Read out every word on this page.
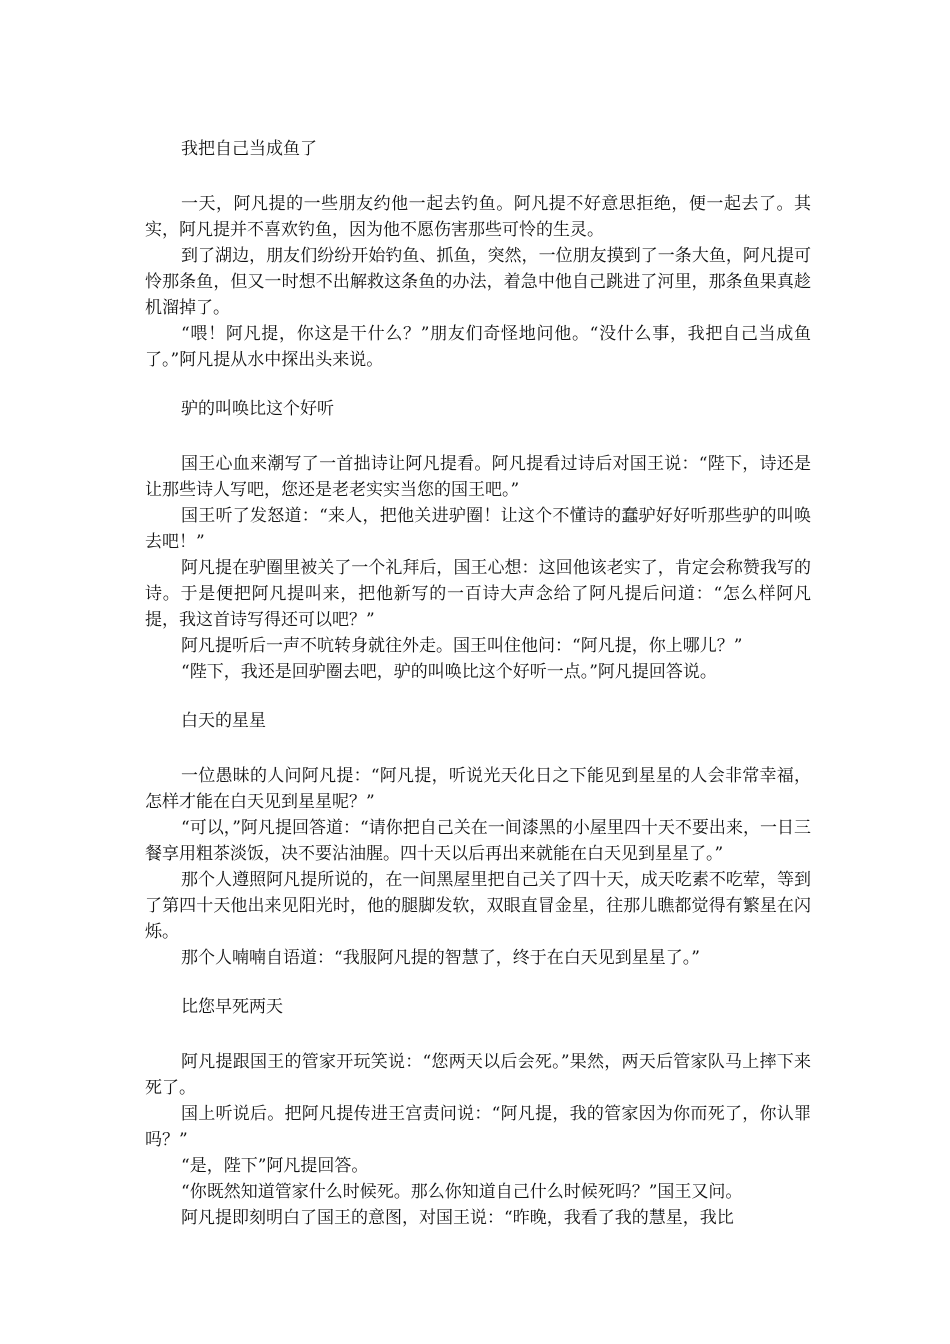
我把自己当成鱼了

一天，阿凡提的一些朋友约他一起去钓鱼。阿凡提不好意思拒绝，便一起去了。其实，阿凡提并不喜欢钓鱼，因为他不愿伤害那些可怜的生灵。

到了湖边，朋友们纷纷开始钓鱼、抓鱼，突然，一位朋友摸到了一条大鱼，阿凡提可怜那条鱼，但又一时想不出解救这条鱼的办法，着急中他自己跳进了河里，那条鱼果真趁机溜掉了。

“喂！阿凡提，你这是干什么？”朋友们奇怪地问他。“没什么事，我把自己当成鱼了。”阿凡提从水中探出头来说。

驴的叫唤比这个好听

国王心血来潮写了一首拙诗让阿凡提看。阿凡提看过诗后对国王说：“陛下，诗还是让那些诗人写吧，您还是老老实实当您的国王吧。”

国王听了发怒道：“来人，把他关进驴圈！让这个不懂诗的蠢驴好好听那些驴的叫唤去吧！”

阿凡提在驴圈里被关了一个礼拜后，国王心想：这回他该老实了，肯定会称赞我写的诗。于是便把阿凡提叫来，把他新写的一百诗大声念给了阿凡提后问道：“怎么样阿凡提，我这首诗写得还可以吧？”

阿凡提听后一声不吭转身就往外走。国王叫住他问：“阿凡提，你上哪儿？”

“陛下，我还是回驴圈去吧，驴的叫唤比这个好听一点。”阿凡提回答说。

白天的星星

一位愚昧的人问阿凡提：“阿凡提，听说光天化日之下能见到星星的人会非常幸福，怎样才能在白天见到星星呢？”

“可以，”阿凡提回答道：“请你把自己关在一间漆黑的小屋里四十天不要出来，一日三餐享用粗茶淡饭，决不要沾油腥。四十天以后再出来就能在白天见到星星了。”

那个人遵照阿凡提所说的，在一间黑屋里把自己关了四十天，成天吃素不吃荤，等到了第四十天他出来见阳光时，他的腿脚发软，双眼直冒金星，往那儿瞧都觉得有繁星在闪烁。

那个人喃喃自语道：“我服阿凡提的智慧了，终于在白天见到星星了。”

比您早死两天

阿凡提跟国王的管家开玩笑说：“您两天以后会死。”果然，两天后管家队马上摔下来死了。

国上听说后。把阿凡提传进王宫责问说：“阿凡提，我的管家因为你而死了，你认罪吗？”

“是，陛下”阿凡提回答。

“你既然知道管家什么时候死。那么你知道自己什么时候死吗？”国王又问。

阿凡提即刻明白了国王的意图，对国王说：“昨晚，我看了我的慧星，我比
